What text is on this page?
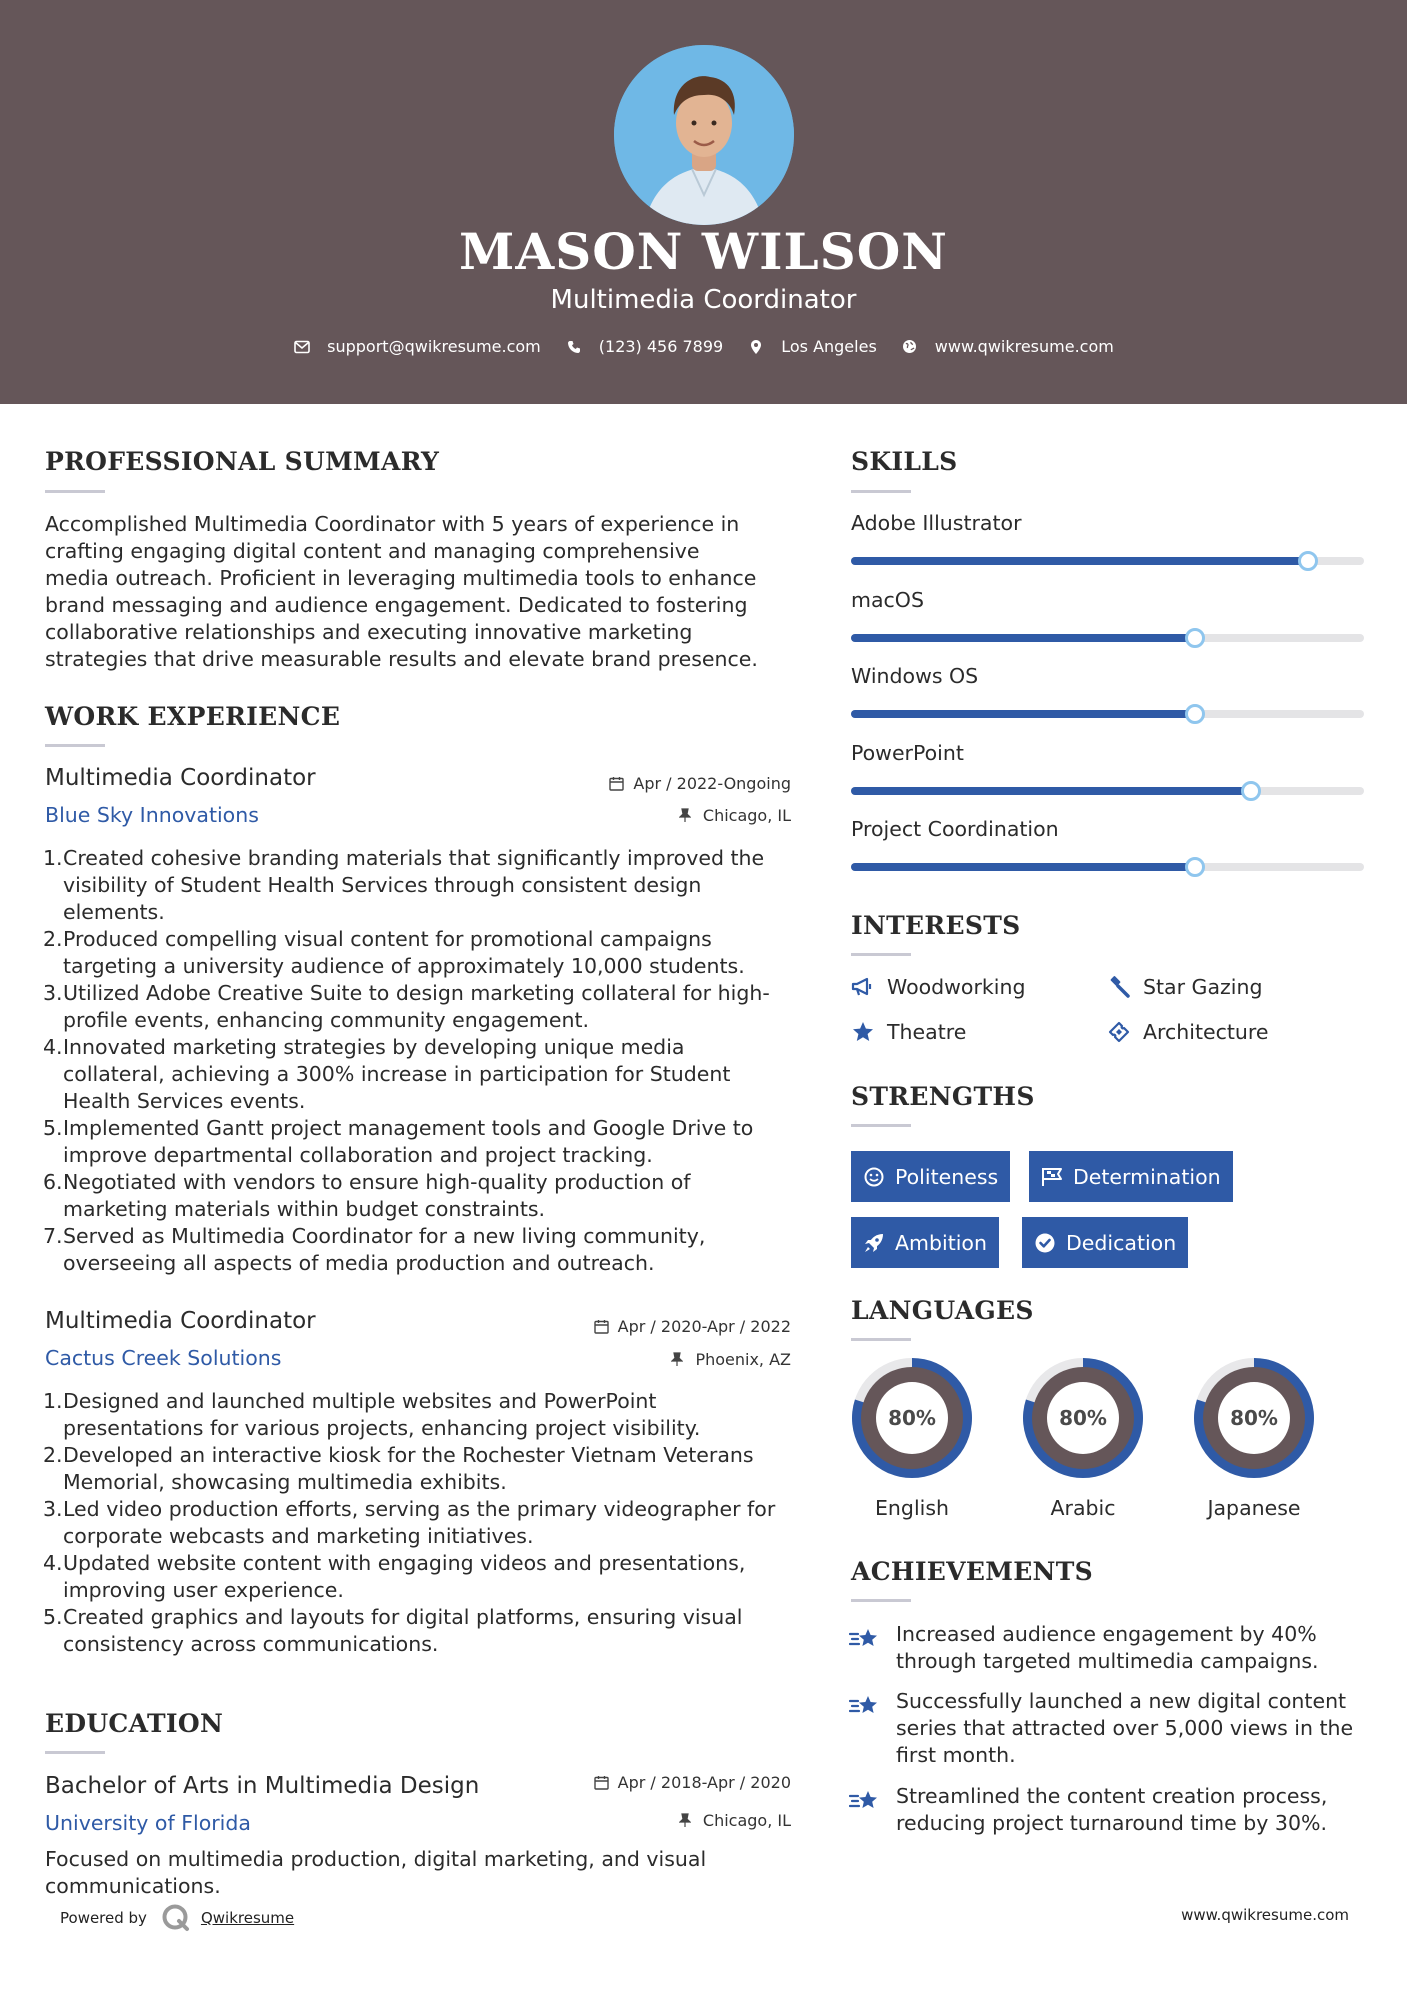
MASON WILSON
Multimedia Coordinator
support@qwikresume.com	(123) 456 7899	Los Angeles	www.qwikresume.com
PROFESSIONAL SUMMARY
Accomplished Multimedia Coordinator with 5 years of experience in
crafting engaging digital content and managing comprehensive
media outreach. Proficient in leveraging multimedia tools to enhance
brand messaging and audience engagement. Dedicated to fostering
collaborative relationships and executing innovative marketing
strategies that drive measurable results and elevate brand presence.
WORK EXPERIENCE
Multimedia Coordinator
Blue Sky Innovations
Apr / 2022-Ongoing
Chicago, IL
1. Created cohesive branding materials that significantly improved the
visibility of Student Health Services through consistent design
elements.
2. Produced compelling visual content for promotional campaigns
targeting a university audience of approximately 10,000 students.
3. Utilized Adobe Creative Suite to design marketing collateral for high-
profile events, enhancing community engagement.
4. Innovated marketing strategies by developing unique media
collateral, achieving a 300% increase in participation for Student
Health Services events.
5. Implemented Gantt project management tools and Google Drive to
improve departmental collaboration and project tracking.
6. Negotiated with vendors to ensure high-quality production of
marketing materials within budget constraints.
7. Served as Multimedia Coordinator for a new living community,
overseeing all aspects of media production and outreach.
Multimedia Coordinator
Cactus Creek Solutions
Apr / 2020-Apr / 2022
Phoenix, AZ
1. Designed and launched multiple websites and PowerPoint
presentations for various projects, enhancing project visibility.
2. Developed an interactive kiosk for the Rochester Vietnam Veterans
Memorial, showcasing multimedia exhibits.
3. Led video production efforts, serving as the primary videographer for
corporate webcasts and marketing initiatives.
4. Updated website content with engaging videos and presentations,
improving user experience.
5. Created graphics and layouts for digital platforms, ensuring visual
consistency across communications.
EDUCATION
Bachelor of Arts in Multimedia Design
University of Florida
Apr / 2018-Apr / 2020
Chicago, IL
Focused on multimedia production, digital marketing, and visual
communications.
SKILLS
Adobe Illustrator
macOS
Windows OS
PowerPoint
Project Coordination
INTERESTS
Woodworking	Star Gazing
Theatre	Architecture
STRENGTHS
Politeness	Determination
Ambition	Dedication
LANGUAGES
80%
English
80%
Arabic
80%
Japanese
ACHIEVEMENTS
Increased audience engagement by 40%
through targeted multimedia campaigns.
Successfully launched a new digital content
series that attracted over 5,000 views in the
first month.
Streamlined the content creation process,
reducing project turnaround time by 30%.
Powered by	Qwikresume	www.qwikresume.com
